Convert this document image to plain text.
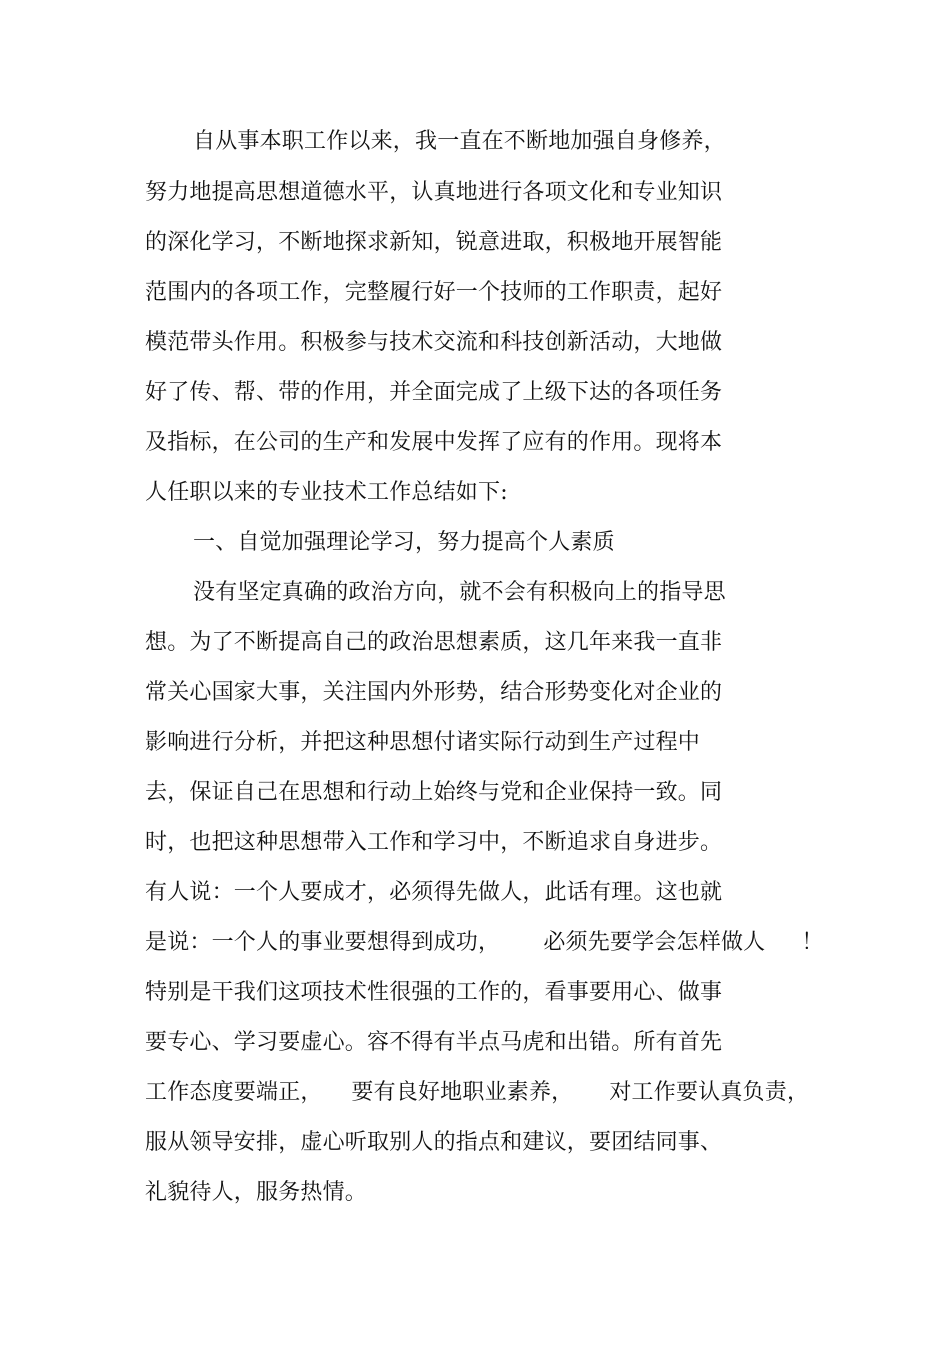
自从事本职工作以来，我一直在不断地加强自身修养，
努力地提高思想道德水平，认真地进行各项文化和专业知识
的深化学习，不断地探求新知，锐意进取，积极地开展智能
范围内的各项工作，完整履行好一个技师的工作职责，起好
模范带头作用。积极参与技术交流和科技创新活动，大地做
好了传、帮、带的作用，并全面完成了上级下达的各项任务
及指标，在公司的生产和发展中发挥了应有的作用。现将本
人任职以来的专业技术工作总结如下:
一、自觉加强理论学习，努力提高个人素质
没有坚定真确的政治方向，就不会有积极向上的指导思
想。为了不断提高自己的政治思想素质，这几年来我一直非
常关心国家大事，关注国内外形势，结合形势变化对企业的
影响进行分析，并把这种思想付诸实际行动到生产过程中
去，保证自己在思想和行动上始终与党和企业保持一致。同
时，也把这种思想带入工作和学习中，不断追求自身进步。
有人说：一个人要成才，必须得先做人，此话有理。这也就
是说：一个人的事业要想得到成功，      必须先要学会怎样做人     ！
特别是干我们这项技术性很强的工作的，看事要用心、做事
要专心、学习要虚心。容不得有半点马虎和出错。所有首先
工作态度要端正，    要有良好地职业素养，     对工作要认真负责，
服从领导安排，虚心听取别人的指点和建议，要团结同事、
礼貌待人，服务热情。
